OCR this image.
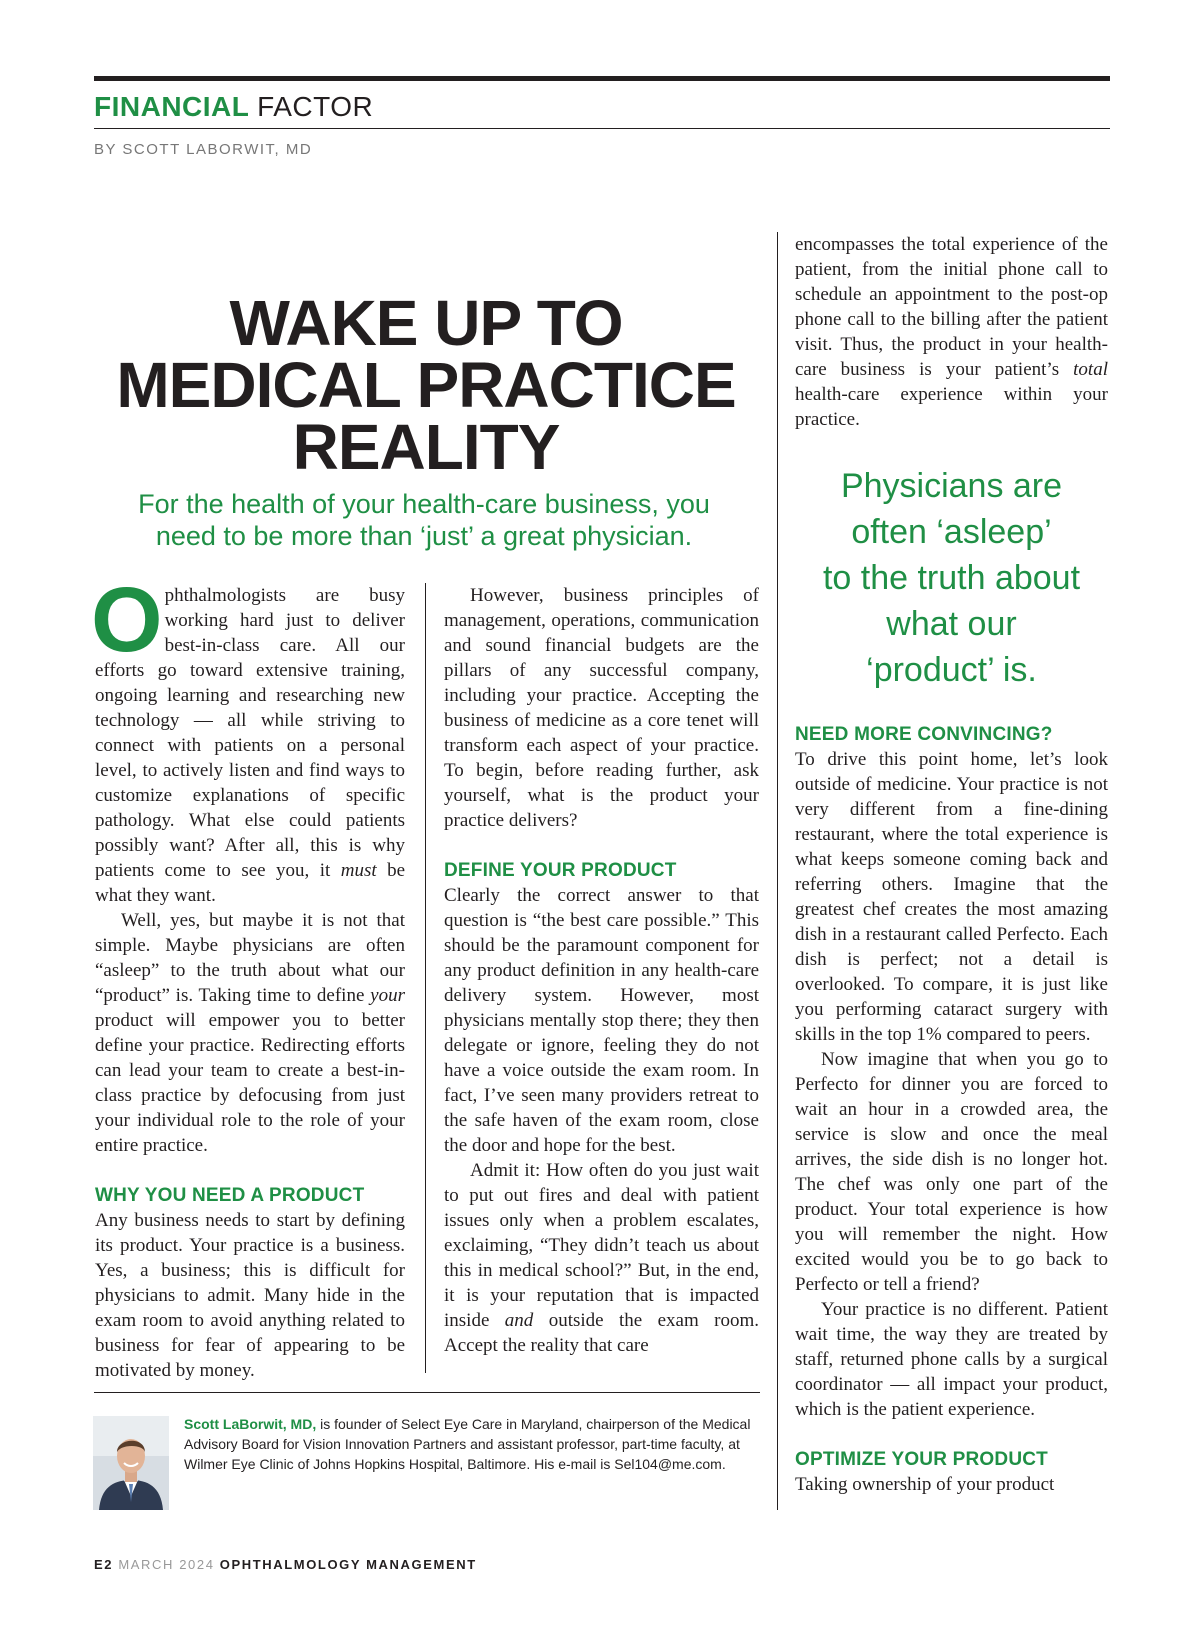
FINANCIAL FACTOR

BY SCOTT LABORWIT, MD

WAKE UP TO
MEDICAL PRACTICE
REALITY

For the health of your health-care business, you
need to be more than ‘just’ a great physician.

Ophthalmologists are busy working hard just to deliver best-in-class care. All our efforts go toward extensive training, ongoing learning and researching new technology — all while striving to connect with patients on a personal level, to actively listen and find ways to customize explanations of specific pathology. What else could patients possibly want? After all, this is why patients come to see you, it must be what they want.

Well, yes, but maybe it is not that simple. Maybe physicians are often “asleep” to the truth about what our “product” is. Taking time to define your product will empower you to better define your practice. Redirecting efforts can lead your team to create a best-in-class practice by defocusing from just your individual role to the role of your entire practice.

WHY YOU NEED A PRODUCT

Any business needs to start by defining its product. Your practice is a business. Yes, a business; this is difficult for physicians to admit. Many hide in the exam room to avoid anything related to business for fear of appearing to be motivated by money.

However, business principles of management, operations, communication and sound financial budgets are the pillars of any successful company, including your practice. Accepting the business of medicine as a core tenet will transform each aspect of your practice. To begin, before reading further, ask yourself, what is the product your practice delivers?

DEFINE YOUR PRODUCT

Clearly the correct answer to that question is “the best care possible.” This should be the paramount component for any product definition in any health-care delivery system. However, most physicians mentally stop there; they then delegate or ignore, feeling they do not have a voice outside the exam room. In fact, I’ve seen many providers retreat to the safe haven of the exam room, close the door and hope for the best.

Admit it: How often do you just wait to put out fires and deal with patient issues only when a problem escalates, exclaiming, “They didn’t teach us about this in medical school?” But, in the end, it is your reputation that is impacted inside and outside the exam room. Accept the reality that care

encompasses the total experience of the patient, from the initial phone call to schedule an appointment to the post-op phone call to the billing after the patient visit. Thus, the product in your health-care business is your patient’s total health-care experience within your practice.

NEED MORE CONVINCING?

To drive this point home, let’s look outside of medicine. Your practice is not very different from a fine-dining restaurant, where the total experience is what keeps someone coming back and referring others. Imagine that the greatest chef creates the most amazing dish in a restaurant called Perfecto. Each dish is perfect; not a detail is overlooked. To compare, it is just like you performing cataract surgery with skills in the top 1% compared to peers.

Now imagine that when you go to Perfecto for dinner you are forced to wait an hour in a crowded area, the service is slow and once the meal arrives, the side dish is no longer hot. The chef was only one part of the product. Your total experience is how you will remember the night. How excited would you be to go back to Perfecto or tell a friend?

Your practice is no different. Patient wait time, the way they are treated by staff, returned phone calls by a surgical coordinator — all impact your product, which is the patient experience.

OPTIMIZE YOUR PRODUCT

Taking ownership of your product

Physicians are
often ‘asleep’
to the truth about
what our
‘product’ is.

Scott LaBorwit, MD, is founder of Select Eye Care in Maryland, chairperson of the Medical Advisory Board for Vision Innovation Partners and assistant professor, part-time faculty, at Wilmer Eye Clinic of Johns Hopkins Hospital, Baltimore. His e-mail is Sel104@me.com.

E2 MARCH 2024 OPHTHALMOLOGY MANAGEMENT
